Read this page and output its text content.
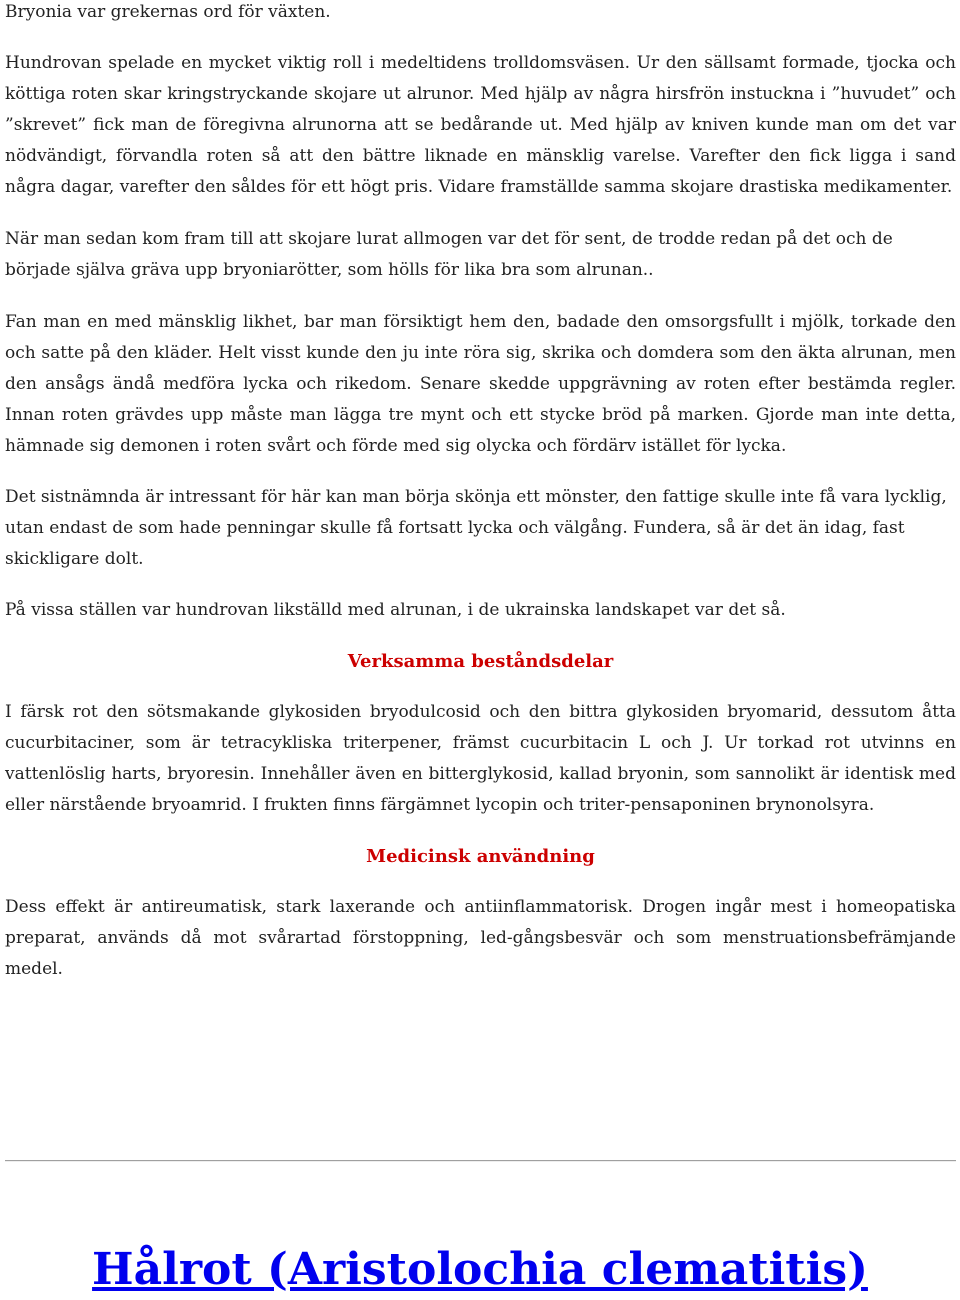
Bryonia var grekernas ord för växten.

Hundrovan spelade en mycket viktig roll i medeltidens trolldomsväsen. Ur den sällsamt formade, tjocka och köttiga roten skar kringstryckande skojare ut alrunor. Med hjälp av några hirsfrön instuckna i ”huvudet” och ”skrevet” fick man de föregivna alrunorna att se bedårande ut. Med hjälp av kniven kunde man om det var nödvändigt, förvandla roten så att den bättre liknade en mänsklig varelse. Varefter den fick ligga i sand några dagar, varefter den såldes för ett högt pris. Vidare framställde samma skojare drastiska medikamenter.

När man sedan kom fram till att skojare lurat allmogen var det för sent, de trodde redan på det och de började själva gräva upp bryoniarötter, som hölls för lika bra som alrunan..

Fan man en med mänsklig likhet, bar man försiktigt hem den, badade den omsorgsfullt i mjölk, torkade den och satte på den kläder. Helt visst kunde den ju inte röra sig, skrika och domdera som den äkta alrunan, men den ansågs ändå medföra lycka och rikedom. Senare skedde uppgrävning av roten efter bestämda regler. Innan roten grävdes upp måste man lägga tre mynt och ett stycke bröd på marken. Gjorde man inte detta, hämnade sig demonen i roten svårt och förde med sig olycka och fördärv istället för lycka.

Det sistnämnda är intressant för här kan man börja skönja ett mönster, den fattige skulle inte få vara lycklig, utan endast de som hade penningar skulle få fortsatt lycka och välgång. Fundera, så är det än idag, fast skickligare dolt.

På vissa ställen var hundrovan likställd med alrunan, i de ukrainska landskapet var det så.

Verksamma beståndsdelar

I färsk rot den sötsmakande glykosiden bryodulcosid och den bittra glykosiden bryomarid, dessutom åtta cucurbitaciner, som är tetracykliska triterpener, främst cucurbitacin L och J. Ur torkad rot utvinns en vattenlöslig harts, bryoresin. Innehåller även en bitterglykosid, kallad bryonin, som sannolikt är identisk med eller närstående bryoamrid. I frukten finns färgämnet lycopin och triter-pensaponinen brynonolsyra.

Medicinsk användning

Dess effekt är antireumatisk, stark laxerande och antiinflammatorisk. Drogen ingår mest i homeopatiska preparat, används då mot svårartad förstoppning, led-gångsbesvär och som menstruationsbefrämjande medel.

Hålrot (Aristolochia clematitis)
